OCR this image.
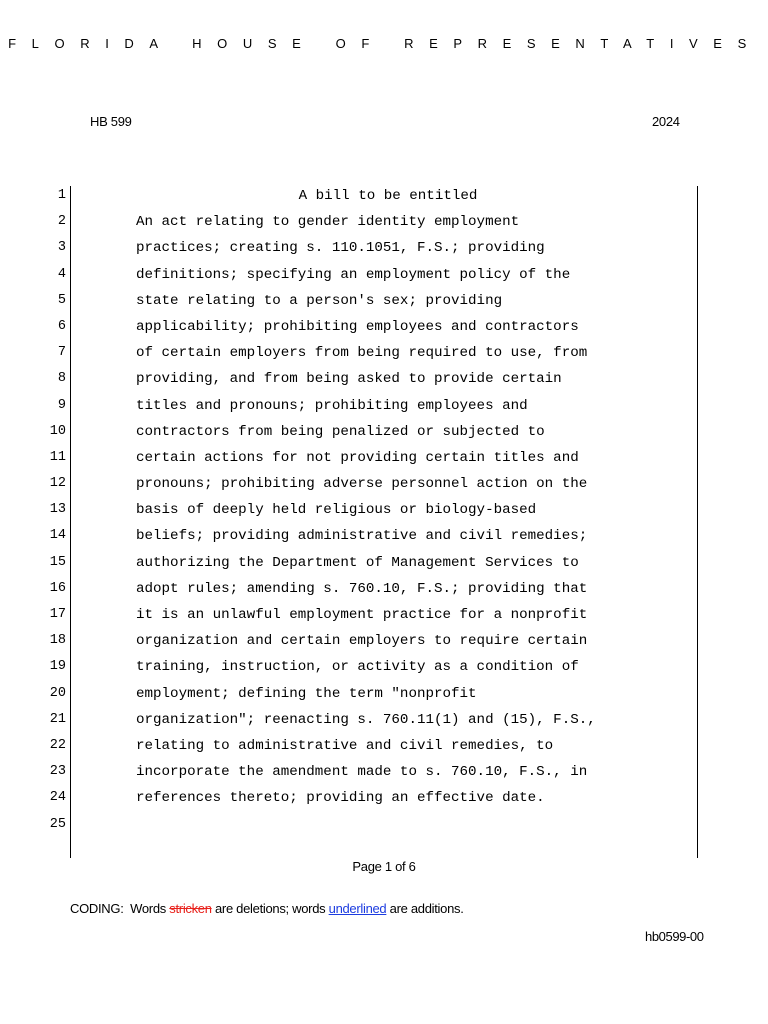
FLORIDA HOUSE OF REPRESENTATIVES
HB 599	2024
1	A bill to be entitled
2	An act relating to gender identity employment
3	practices; creating s. 110.1051, F.S.; providing
4	definitions; specifying an employment policy of the
5	state relating to a person's sex; providing
6	applicability; prohibiting employees and contractors
7	of certain employers from being required to use, from
8	providing, and from being asked to provide certain
9	titles and pronouns; prohibiting employees and
10	contractors from being penalized or subjected to
11	certain actions for not providing certain titles and
12	pronouns; prohibiting adverse personnel action on the
13	basis of deeply held religious or biology-based
14	beliefs; providing administrative and civil remedies;
15	authorizing the Department of Management Services to
16	adopt rules; amending s. 760.10, F.S.; providing that
17	it is an unlawful employment practice for a nonprofit
18	organization and certain employers to require certain
19	training, instruction, or activity as a condition of
20	employment; defining the term "nonprofit
21	organization"; reenacting s. 760.11(1) and (15), F.S.,
22	relating to administrative and civil remedies, to
23	incorporate the amendment made to s. 760.10, F.S., in
24	references thereto; providing an effective date.
25
Page 1 of 6
CODING:  Words stricken are deletions; words underlined are additions.
hb0599-00
